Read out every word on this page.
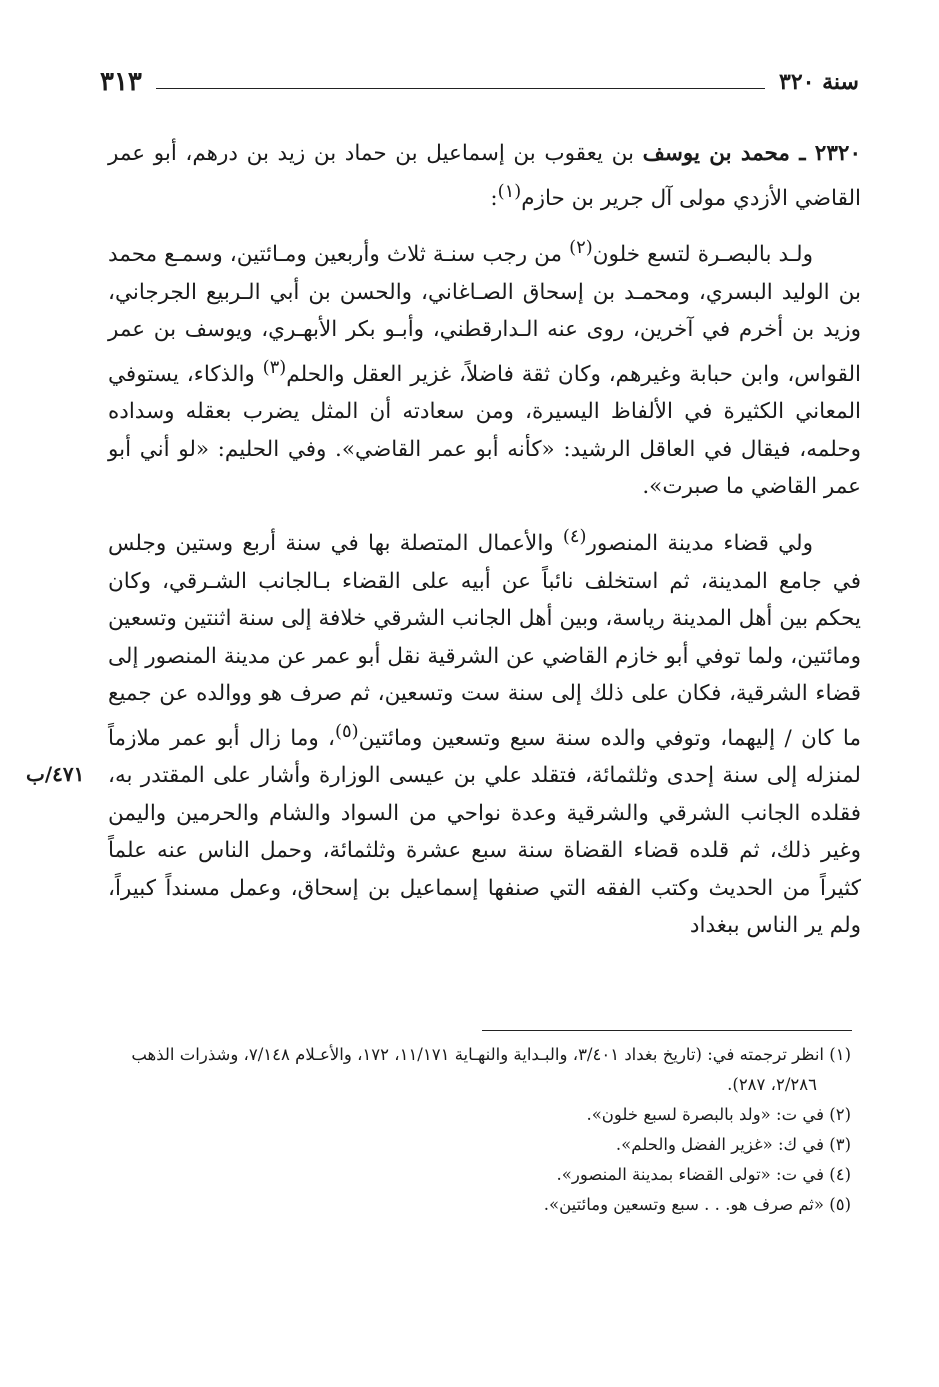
سنة ٣٢٠
٣١٣

٢٣٢٠ ـ محمد بن يوسف بن يعقوب بن إسماعيل بن حماد بن زيد بن درهم، أبو عمر القاضي الأزدي مولى آل جرير بن حازم$^{(١)}$:

ولـد بالبصـرة لتسع خلون$^{(٢)}$ من رجب سنـة ثلاث وأربعين ومـائتين، وسمـع محمد بن الوليد البسري، ومحمـد بن إسحاق الصـاغاني، والحسن بن أبي الـربيع الجرجاني، وزيد بن أخرم في آخرين، روى عنه الـدارقطني، وأبـو بكر الأبهـري، ويوسف بن عمر القواس، وابن حبابة وغيرهم، وكان ثقة فاضلاً، غزير العقل والحلم$^{(٣)}$ والذكاء، يستوفي المعاني الكثيرة في الألفاظ اليسيرة، ومن سعادته أن المثل يضرب بعقله وسداده وحلمه، فيقال في العاقل الرشيد: «كأنه أبو عمر القاضي». وفي الحليم: «لو أني أبو عمر القاضي ما صبرت».

ولي قضاء مدينة المنصور$^{(٤)}$ والأعمال المتصلة بها في سنة أربع وستين وجلس في جامع المدينة، ثم استخلف نائباً عن أبيه على القضاء بـالجانب الشـرقي، وكان يحكم بين أهل المدينة رياسة، وبين أهل الجانب الشرقي خلافة إلى سنة اثنتين وتسعين ومائتين، ولما توفي أبو خازم القاضي عن الشرقية نقل أبو عمر عن مدينة المنصور إلى قضاء الشرقية، فكان على ذلك إلى سنة ست وتسعين، ثم صرف هو ووالده عن جميع ما كان / إليهما، وتوفي والده سنة سبع وتسعين ومائتين$^{(٥)}$، وما زال أبو عمر ملازماً لمنزله إلى سنة إحدى وثلثمائة، فتقلد علي بن عيسى الوزارة وأشار على المقتدر به، فقلده الجانب الشرقي والشرقية وعدة نواحي من السواد والشام والحرمين واليمن وغير ذلك، ثم قلده قضاء القضاة سنة سبع عشرة وثلثمائة، وحمل الناس عنه علماً كثيراً من الحديث وكتب الفقه التي صنفها إسماعيل بن إسحاق، وعمل مسنداً كبيراً، ولم ير الناس ببغداد

٤٧١/ب

(١) انظر ترجمته في: (تاريخ بغداد ٣/٤٠١، والبـداية والنهـاية ١١/١٧١، ١٧٢، والأعـلام ٧/١٤٨، وشذرات الذهب ٢/٢٨٦، ٢٨٧).

(٢) في ت: «ولد بالبصرة لسبع خلون».

(٣) في ك: «غزير الفضل والحلم».

(٤) في ت: «تولى القضاء بمدينة المنصور».

(٥) «ثم صرف هو. . . سبع وتسعين ومائتين».
